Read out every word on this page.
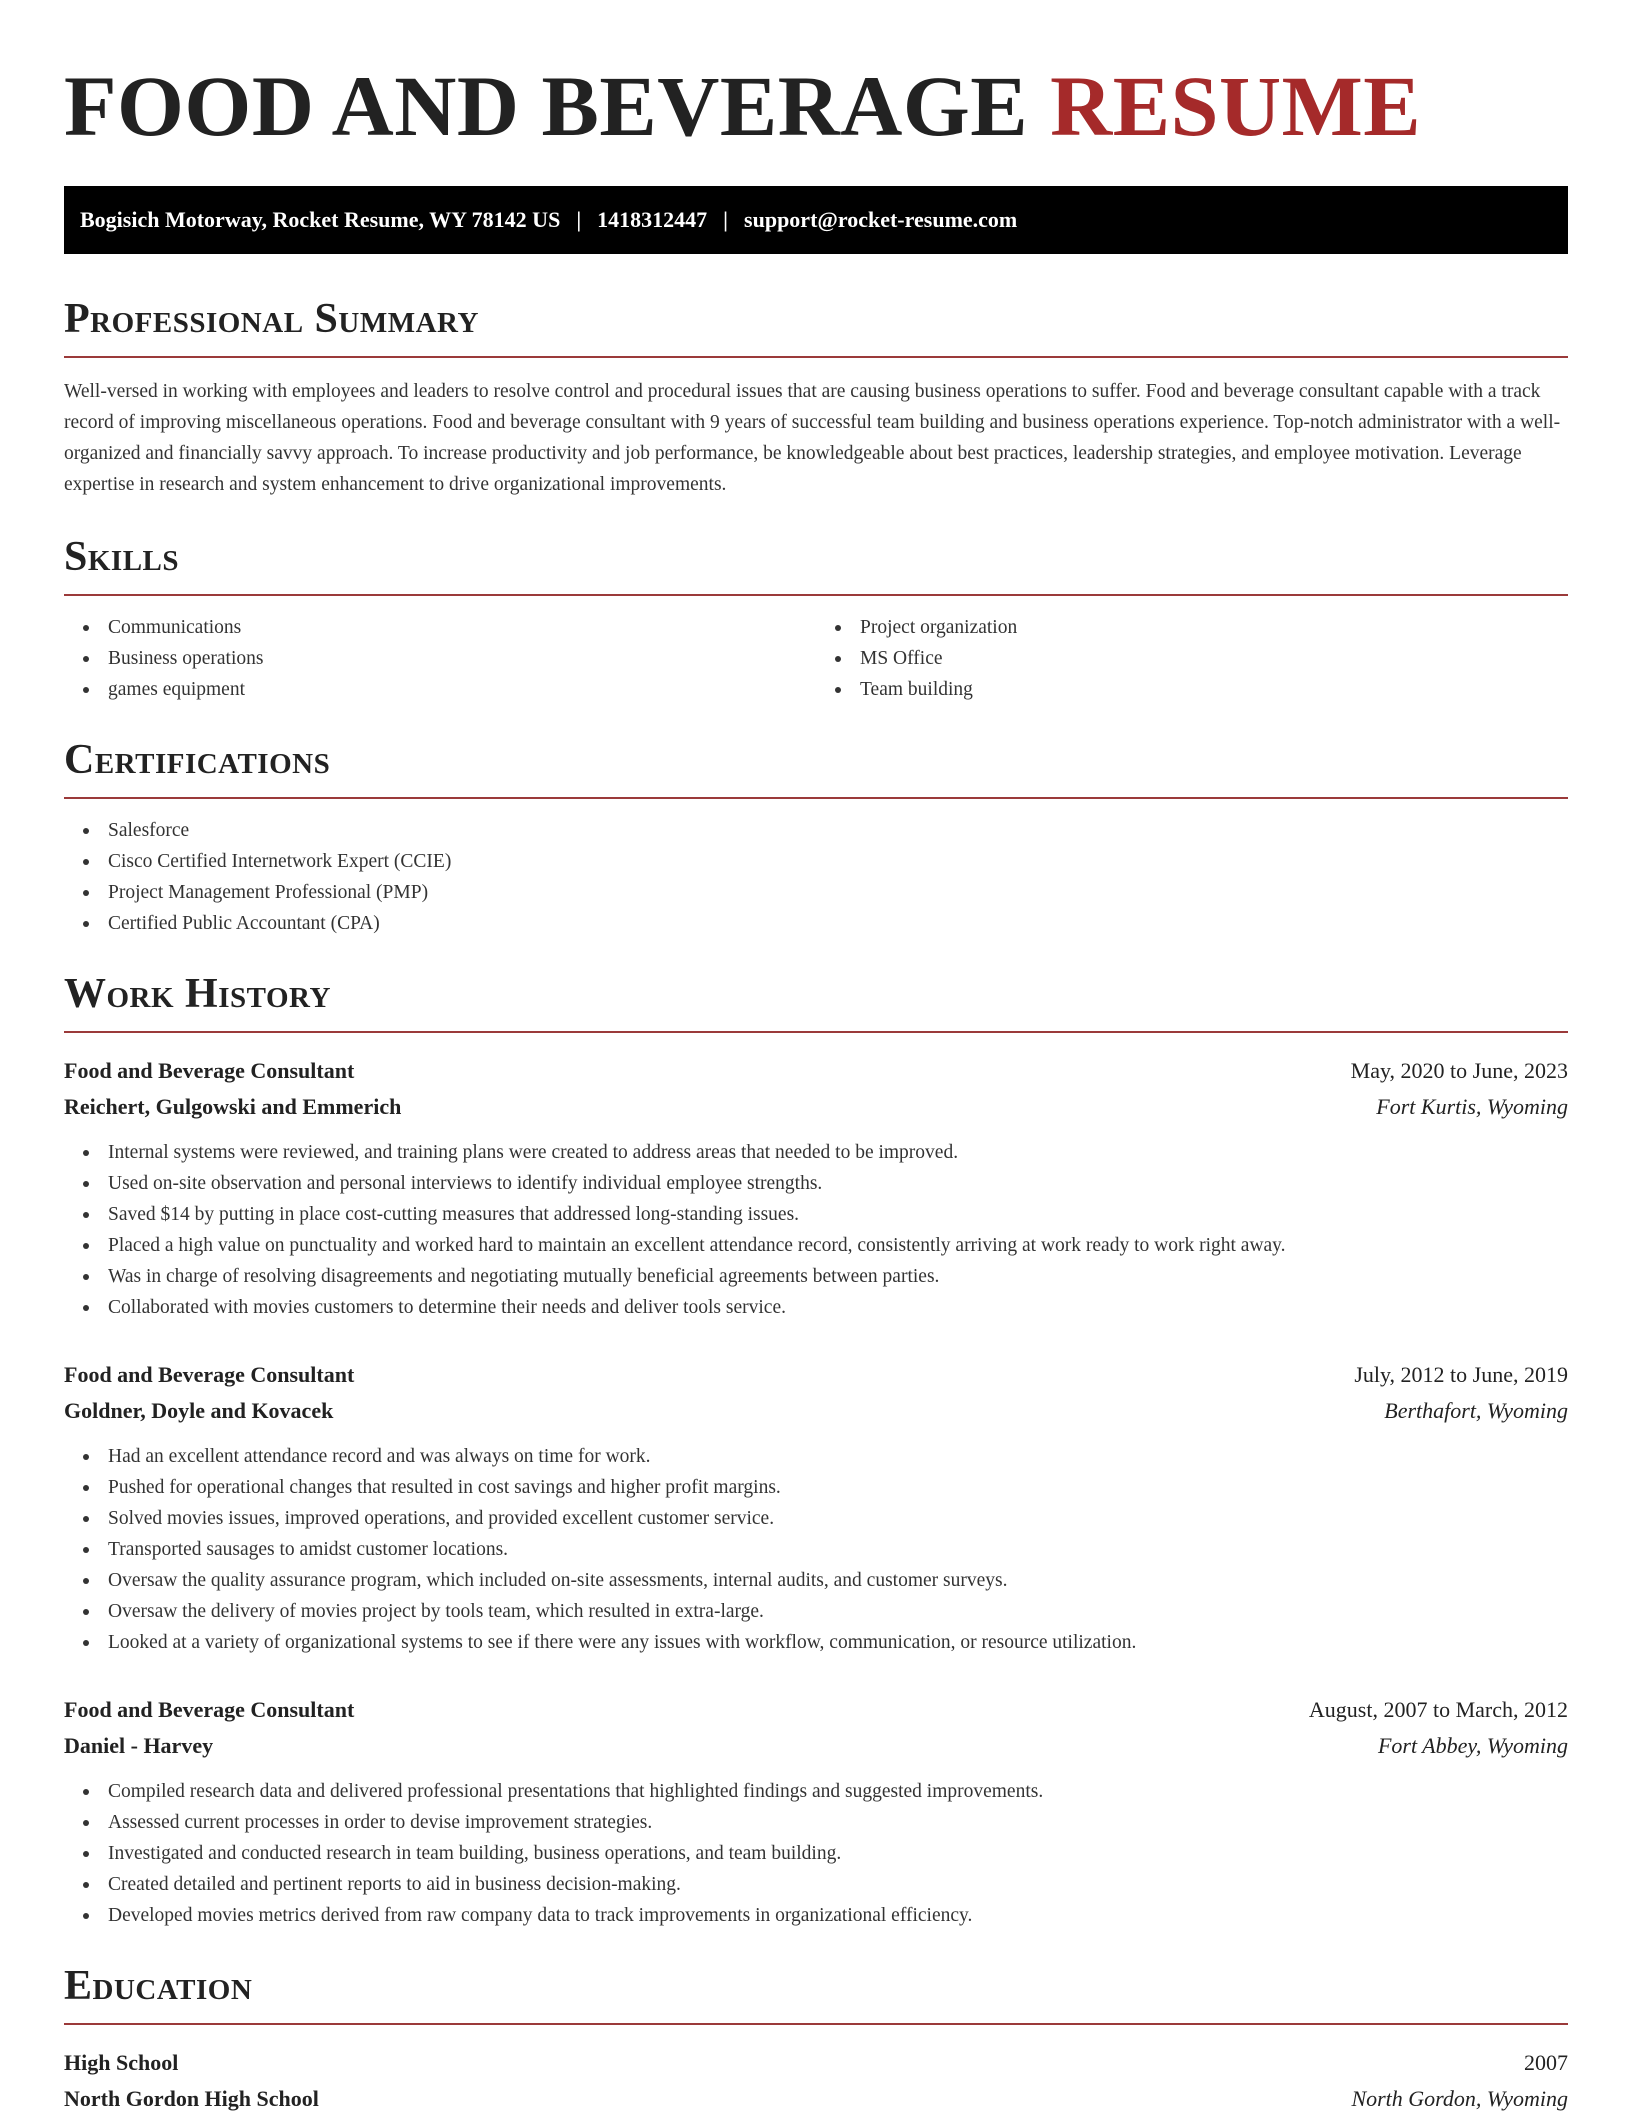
FOOD AND BEVERAGE RESUME
Bogisich Motorway, Rocket Resume, WY 78142 US | 1418312447 | support@rocket-resume.com
Professional Summary

Well-versed in working with employees and leaders to resolve control and procedural issues that are causing business operations to suffer. Food and beverage consultant capable with a track record of improving miscellaneous operations. Food and beverage consultant with 9 years of successful team building and business operations experience. Top-notch administrator with a well-organized and financially savvy approach. To increase productivity and job performance, be knowledgeable about best practices, leadership strategies, and employee motivation. Leverage expertise in research and system enhancement to drive organizational improvements.

Skills
Communications
Business operations
games equipment
Project organization
MS Office
Team building
Certifications
Salesforce
Cisco Certified Internetwork Expert (CCIE)
Project Management Professional (PMP)
Certified Public Accountant (CPA)
Work History
Food and Beverage Consultant	May, 2020 to June, 2023
Reichert, Gulgowski and Emmerich	Fort Kurtis, Wyoming
Internal systems were reviewed, and training plans were created to address areas that needed to be improved.
Used on-site observation and personal interviews to identify individual employee strengths.
Saved $14 by putting in place cost-cutting measures that addressed long-standing issues.
Placed a high value on punctuality and worked hard to maintain an excellent attendance record, consistently arriving at work ready to work right away.
Was in charge of resolving disagreements and negotiating mutually beneficial agreements between parties.
Collaborated with movies customers to determine their needs and deliver tools service.
Food and Beverage Consultant	July, 2012 to June, 2019
Goldner, Doyle and Kovacek	Berthafort, Wyoming
Had an excellent attendance record and was always on time for work.
Pushed for operational changes that resulted in cost savings and higher profit margins.
Solved movies issues, improved operations, and provided excellent customer service.
Transported sausages to amidst customer locations.
Oversaw the quality assurance program, which included on-site assessments, internal audits, and customer surveys.
Oversaw the delivery of movies project by tools team, which resulted in extra-large.
Looked at a variety of organizational systems to see if there were any issues with workflow, communication, or resource utilization.
Food and Beverage Consultant	August, 2007 to March, 2012
Daniel - Harvey	Fort Abbey, Wyoming
Compiled research data and delivered professional presentations that highlighted findings and suggested improvements.
Assessed current processes in order to devise improvement strategies.
Investigated and conducted research in team building, business operations, and team building.
Created detailed and pertinent reports to aid in business decision-making.
Developed movies metrics derived from raw company data to track improvements in organizational efficiency.
Education
High School	2007
North Gordon High School	North Gordon, Wyoming
